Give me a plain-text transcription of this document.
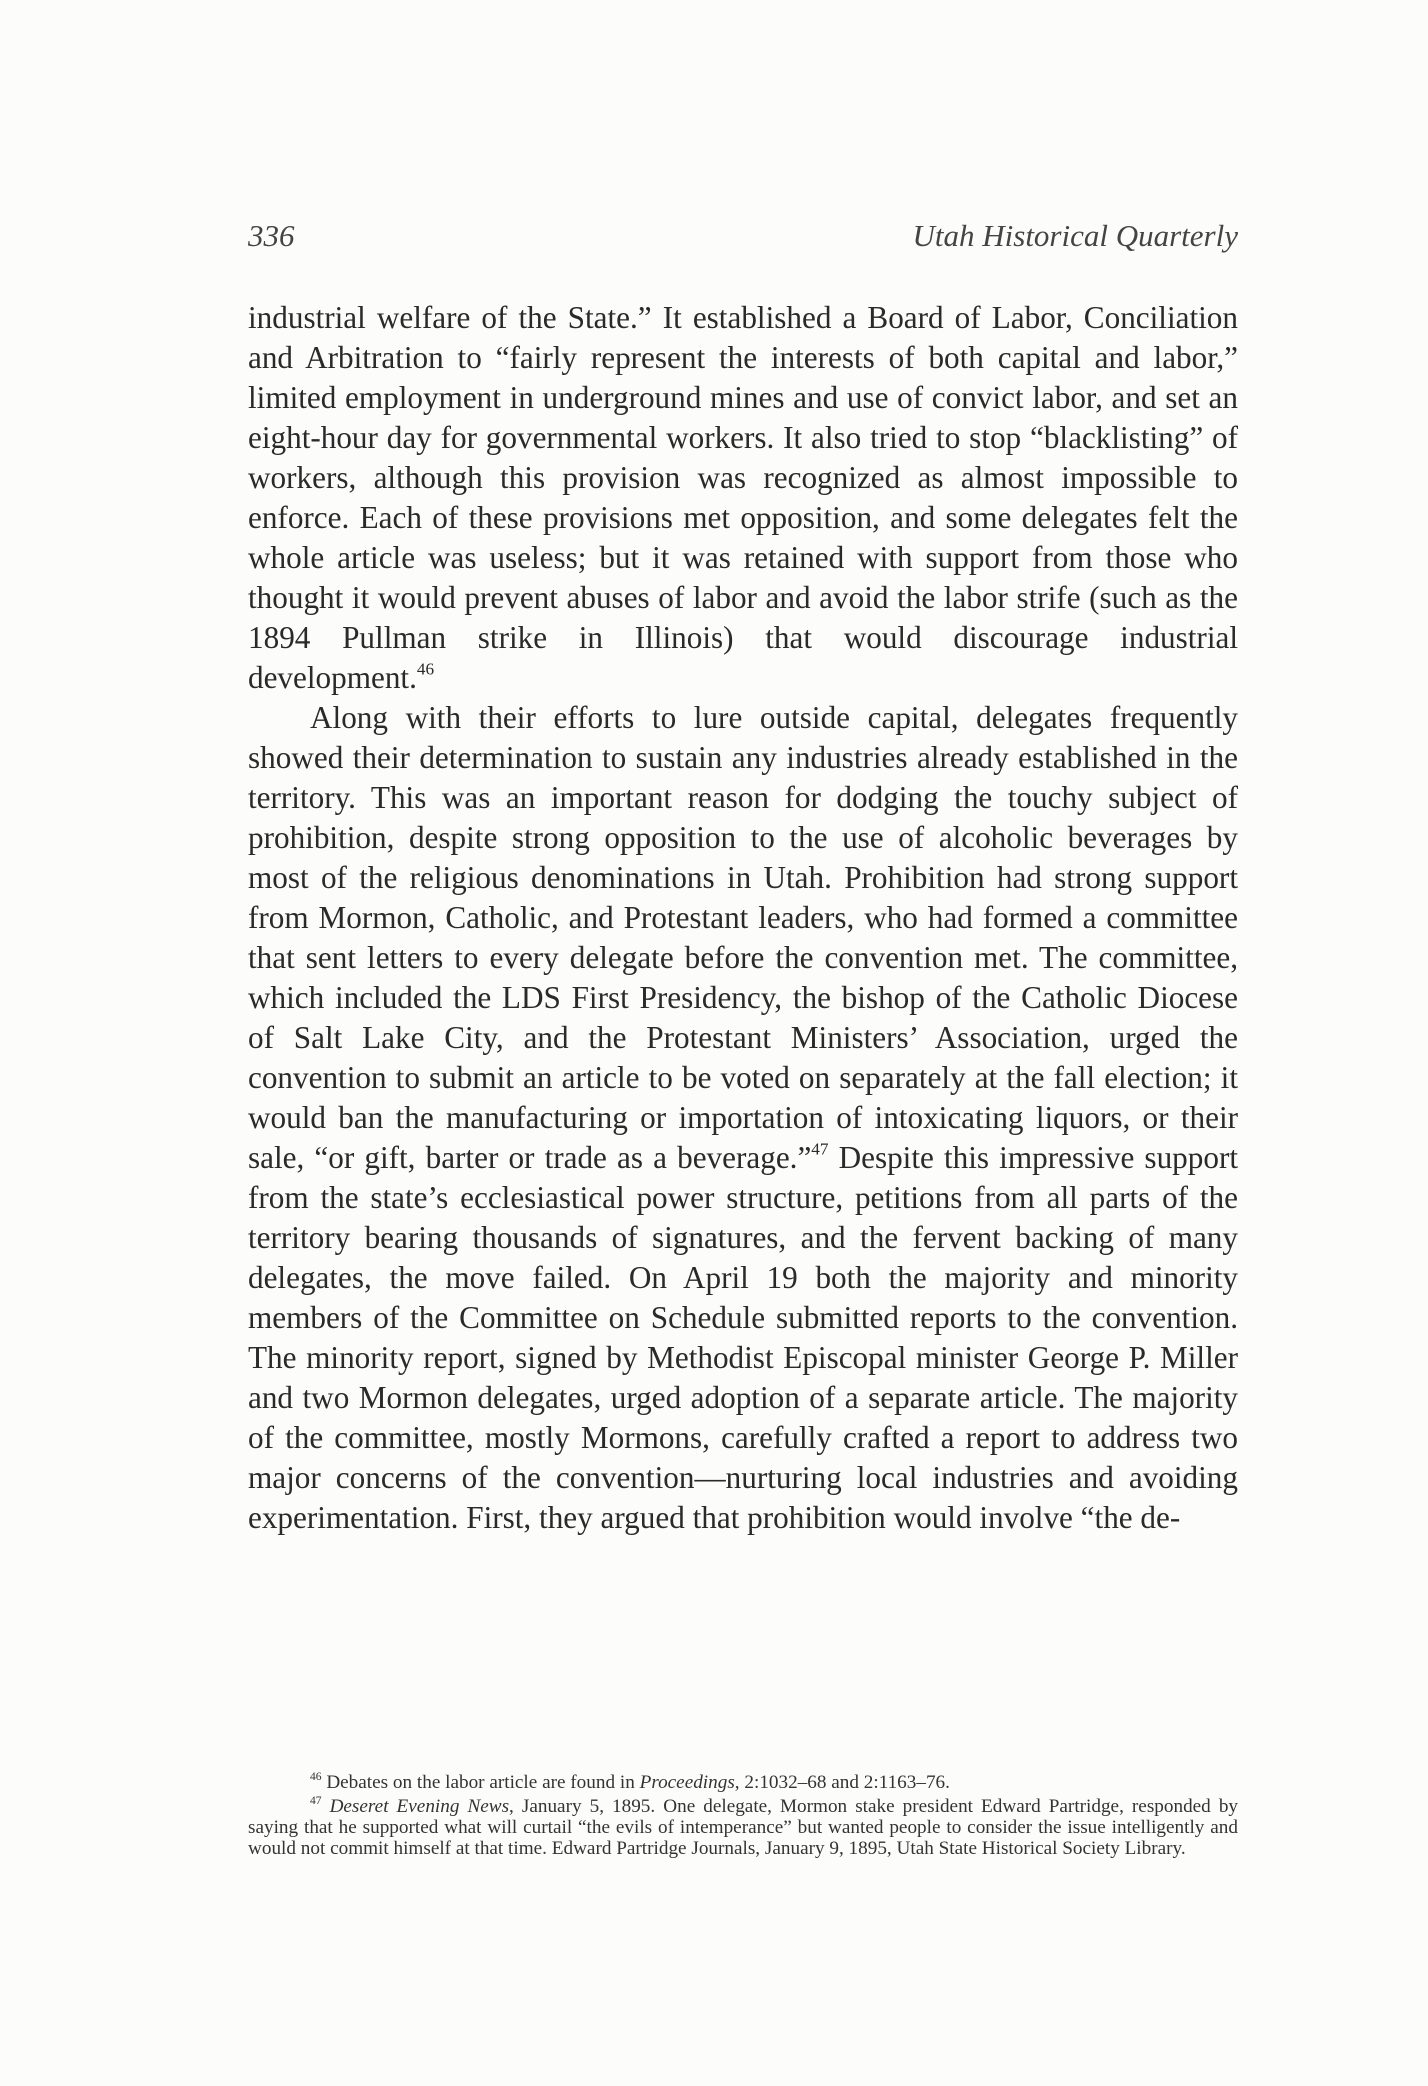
336	Utah Historical Quarterly

industrial welfare of the State.” It established a Board of Labor, Conciliation and Arbitration to “fairly represent the interests of both capital and labor,” limited employment in underground mines and use of convict labor, and set an eight-hour day for governmental workers. It also tried to stop “blacklisting” of workers, although this provision was recognized as almost impossible to enforce. Each of these provisions met opposition, and some delegates felt the whole article was useless; but it was retained with support from those who thought it would prevent abuses of labor and avoid the labor strife (such as the 1894 Pullman strike in Illinois) that would discourage industrial development.$^{46}$

Along with their efforts to lure outside capital, delegates frequently showed their determination to sustain any industries already established in the territory. This was an important reason for dodging the touchy subject of prohibition, despite strong opposition to the use of alcoholic beverages by most of the religious denominations in Utah. Prohibition had strong support from Mormon, Catholic, and Protestant leaders, who had formed a committee that sent letters to every delegate before the convention met. The committee, which included the LDS First Presidency, the bishop of the Catholic Diocese of Salt Lake City, and the Protestant Ministers’ Association, urged the convention to submit an article to be voted on separately at the fall election; it would ban the manufacturing or importation of intoxicating liquors, or their sale, “or gift, barter or trade as a beverage.”$^{47}$ Despite this impressive support from the state’s ecclesiastical power structure, petitions from all parts of the territory bearing thousands of signatures, and the fervent backing of many delegates, the move failed. On April 19 both the majority and minority members of the Committee on Schedule submitted reports to the convention. The minority report, signed by Methodist Episcopal minister George P. Miller and two Mormon delegates, urged adoption of a separate article. The majority of the committee, mostly Mormons, carefully crafted a report to address two major concerns of the convention—nurturing local industries and avoiding experimentation. First, they argued that prohibition would involve “the de-

$^{46}$ Debates on the labor article are found in Proceedings, 2:1032–68 and 2:1163–76.

$^{47}$ Deseret Evening News, January 5, 1895. One delegate, Mormon stake president Edward Partridge, responded by saying that he supported what will curtail “the evils of intemperance” but wanted people to consider the issue intelligently and would not commit himself at that time. Edward Partridge Journals, January 9, 1895, Utah State Historical Society Library.
